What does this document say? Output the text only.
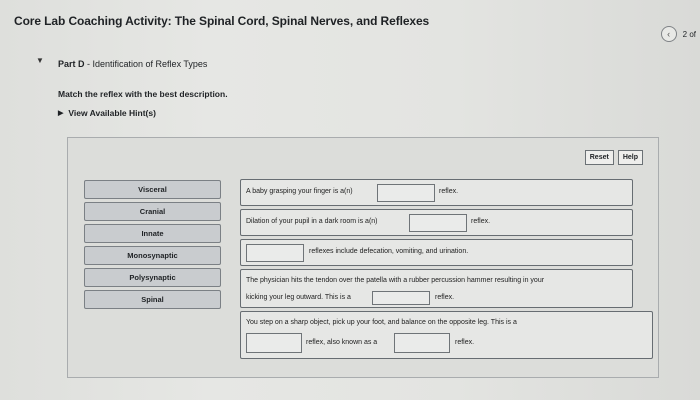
Core Lab Coaching Activity: The Spinal Cord, Spinal Nerves, and Reflexes
‹	2 of
▼ Part D - Identification of Reflex Types
Match the reflex with the best description.
▶ View Available Hint(s)
Reset	Help
Visceral
Cranial
Innate
Monosynaptic
Polysynaptic
Spinal
A baby grasping your finger is a(n)	reflex.
Dilation of your pupil in a dark room is a(n)	reflex.
reflexes include defecation, vomiting, and urination.
The physician hits the tendon over the patella with a rubber percussion hammer resulting in your
kicking your leg outward. This is a	reflex.
You step on a sharp object, pick up your foot, and balance on the opposite leg. This is a
reflex, also known as a	reflex.
